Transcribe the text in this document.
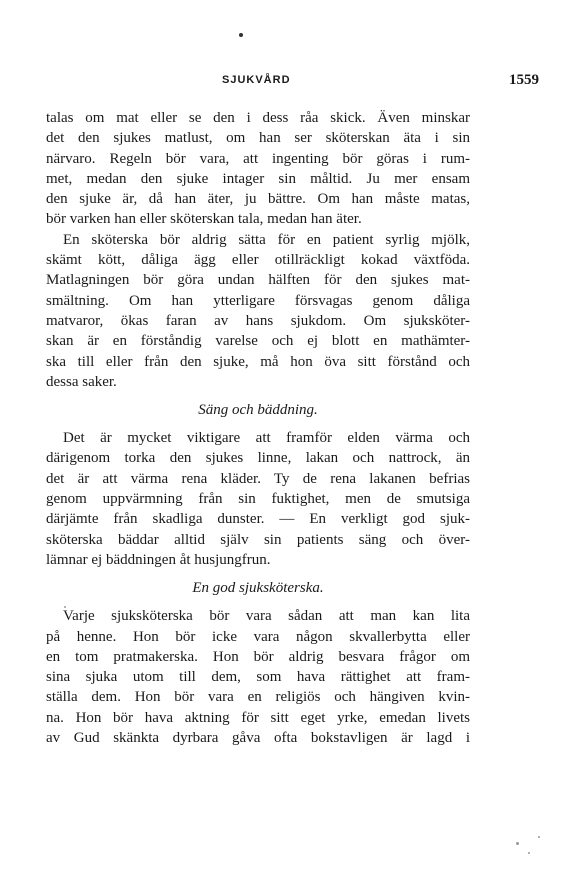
SJUKVÅRD	1559
talas om mat eller se den i dess råa skick. Även minskar
det den sjukes matlust, om han ser sköterskan äta i sin
närvaro. Regeln bör vara, att ingenting bör göras i rum-
met, medan den sjuke intager sin måltid. Ju mer ensam
den sjuke är, då han äter, ju bättre. Om han måste matas,
bör varken han eller sköterskan tala, medan han äter.
En sköterska bör aldrig sätta för en patient syrlig mjölk,
skämt kött, dåliga ägg eller otillräckligt kokad växtföda.
Matlagningen bör göra undan hälften för den sjukes mat-
smältning. Om han ytterligare försvagas genom dåliga
matvaror, ökas faran av hans sjukdom. Om sjuksköter-
skan är en förståndig varelse och ej blott en mathämter-
ska till eller från den sjuke, må hon öva sitt förstånd och
dessa saker.
Säng och bäddning.
Det är mycket viktigare att framför elden värma och
därigenom torka den sjukes linne, lakan och nattrock, än
det är att värma rena kläder. Ty de rena lakanen befrias
genom uppvärmning från sin fuktighet, men de smutsiga
därjämte från skadliga dunster. — En verkligt god sjuk-
sköterska bäddar alltid själv sin patients säng och över-
lämnar ej bäddningen åt husjungfrun.
En god sjuksköterska.
Varje sjuksköterska bör vara sådan att man kan lita
på henne. Hon bör icke vara någon skvallerbytta eller
en tom pratmakerska. Hon bör aldrig besvara frågor om
sina sjuka utom till dem, som hava rättighet att fram-
ställa dem. Hon bör vara en religiös och hängiven kvin-
na. Hon bör hava aktning för sitt eget yrke, emedan livets
av Gud skänkta dyrbara gåva ofta bokstavligen är lagd i
